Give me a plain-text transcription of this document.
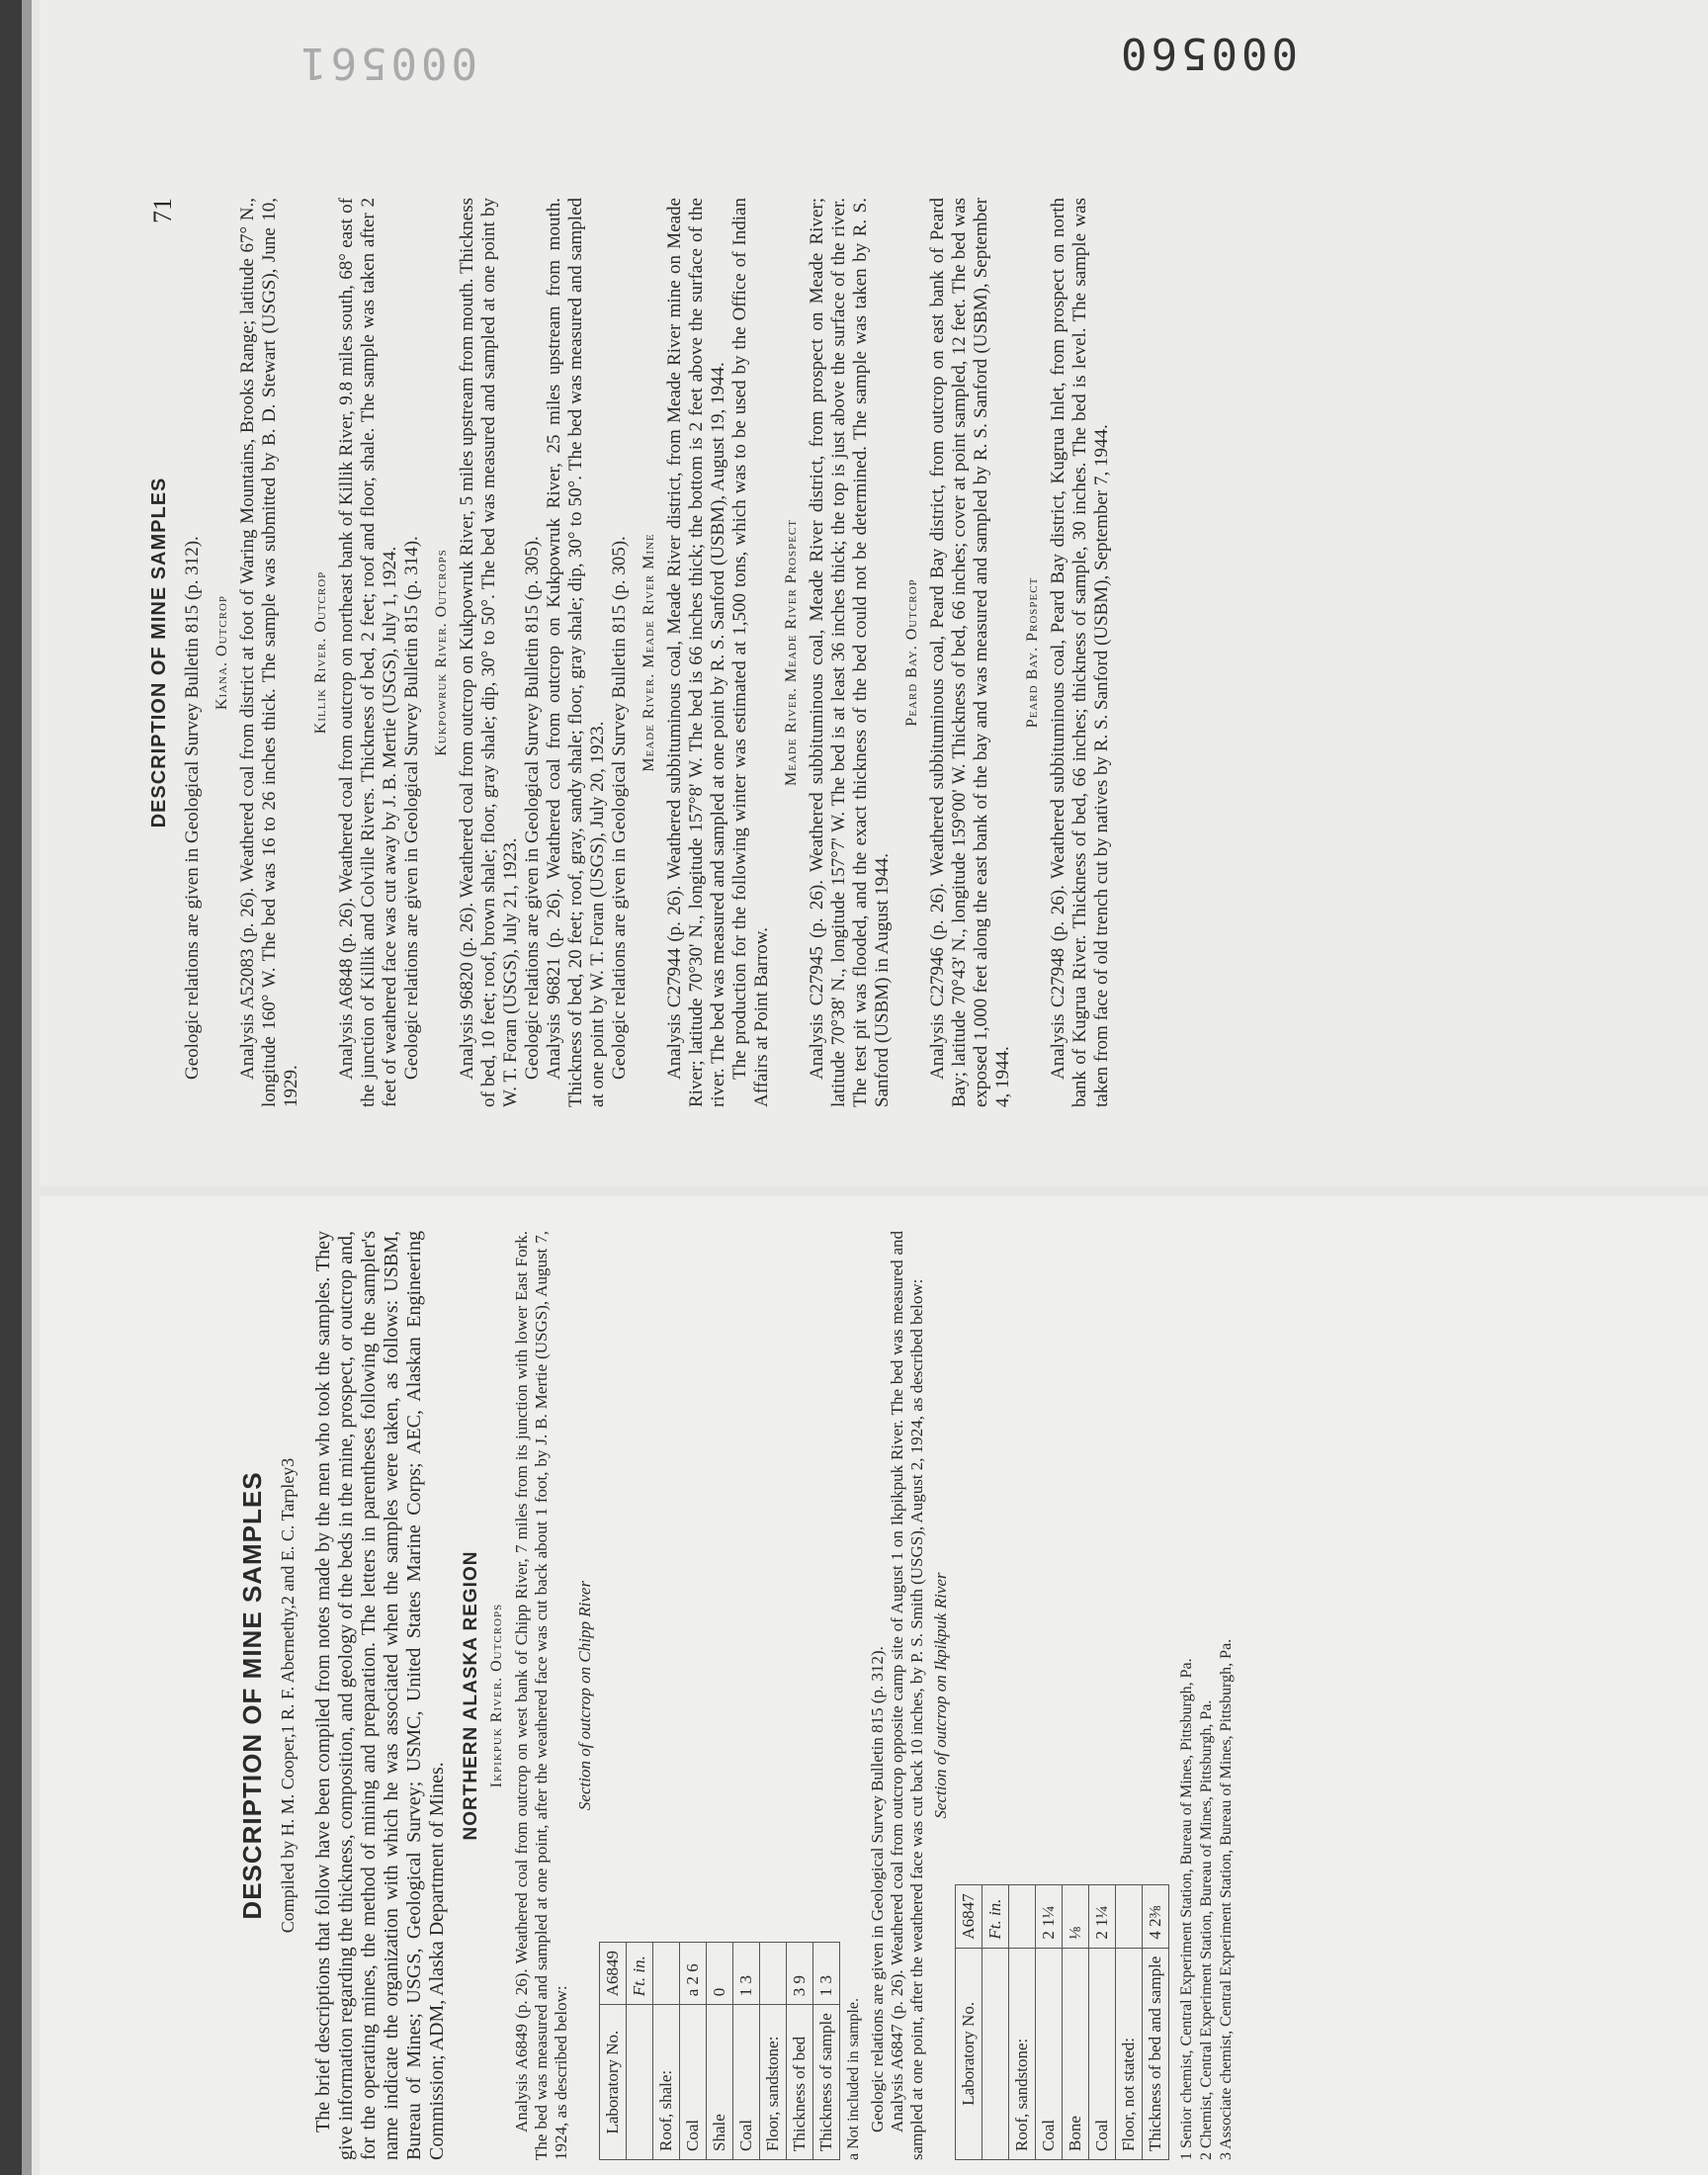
000560
000561
DESCRIPTION OF MINE SAMPLES
71

Geologic relations are given in Geological Survey Bulletin 815 (p. 312). Kiana. Outcrop Analysis A52083 (p. 26). Weathered coal from district at foot of Waring Mountains, Brooks Range; latitude 67° N., longitude 160° W. The bed was 16 to 26 inches thick. The sample was submitted by B. D. Stewart (USGS), June 10, 1929.

Killik River. Outcrop Analysis A6848 (p. 26). Weathered coal from outcrop on northeast bank of Killik River, 9.8 miles south, 68° east of the junction of Killik and Colville Rivers. Thickness of bed, 2 feet; roof and floor, shale. The sample was taken after 2 feet of weathered face was cut away by J. B. Mertie (USGS), July 1, 1924. Geologic relations are given in Geological Survey Bulletin 815 (p. 314). Kukpowruk River. Outcrops Analysis 96820 (p. 26). Weathered coal from outcrop on Kukpowruk River, 5 miles upstream from mouth. Thickness of bed, 10 feet; roof, brown shale; floor, gray shale; dip, 30° to 50°. The bed was measured and sampled at one point by W. T. Foran (USGS), July 21, 1923. Geologic relations are given in Geological Survey Bulletin 815 (p. 305). Analysis 96821 (p. 26). Weathered coal from outcrop on Kukpowruk River, 25 miles upstream from mouth. Thickness of bed, 20 feet; roof, gray, sandy shale; floor, gray shale; dip, 30° to 50°. The bed was measured and sampled at one point by W. T. Foran (USGS), July 20, 1923. Geologic relations are given in Geological Survey Bulletin 815 (p. 305). Meade River. Meade River Mine Analysis C27944 (p. 26). Weathered subbituminous coal, Meade River district, from Meade River mine on Meade River; latitude 70°30' N., longitude 157°8' W. The bed is 66 inches thick; the bottom is 2 feet above the surface of the river. The bed was measured and sampled at one point by R. S. Sanford (USBM), August 19, 1944. The production for the following winter was estimated at 1,500 tons, which was to be used by the Office of Indian Affairs at Point Barrow.

Meade River. Meade River Prospect Analysis C27945 (p. 26). Weathered subbituminous coal, Meade River district, from prospect on Meade River; latitude 70°38' N., longitude 157°7' W. The bed is at least 36 inches thick; the top is just above the surface of the river. The test pit was flooded, and the exact thickness of the bed could not be determined. The sample was taken by R. S. Sanford (USBM) in August 1944.

Peard Bay. Outcrop Analysis C27946 (p. 26). Weathered subbituminous coal, Peard Bay district, from outcrop on east bank of Peard Bay; latitude 70°43' N., longitude 159°00' W. Thickness of bed, 66 inches; cover at point sampled, 12 feet. The bed was exposed 1,000 feet along the east bank of the bay and was measured and sampled by R. S. Sanford (USBM), September 4, 1944.

Peard Bay. Prospect Analysis C27948 (p. 26). Weathered subbituminous coal, Peard Bay district, Kugrua Inlet, from prospect on north bank of Kugrua River. Thickness of bed, 66 inches; thickness of sample, 30 inches. The bed is level. The sample was taken from face of old trench cut by natives by R. S. Sanford (USBM), September 7, 1944.

DESCRIPTION OF MINE SAMPLES Compiled by H. M. Cooper,1 R. F. Abernethy,2 and E. C. Tarpley3 The brief descriptions that follow have been compiled from notes made by the men who took the samples. They give information regarding the thickness, composition, and geology of the beds in the mine, prospect, or outcrop and, for the operating mines, the method of mining and preparation. The letters in parentheses following the sampler's name indicate the organization with which he was associated when the samples were taken, as follows: USBM, Bureau of Mines; USGS, Geological Survey; USMC, United States Marine Corps; AEC, Alaskan Engineering Commission; ADM, Alaska Department of Mines.

NORTHERN ALASKA REGION Ikpikpuk River. Outcrops Analysis A6849 (p. 26). Weathered coal from outcrop on west bank of Chipp River, 7 miles from its junction with lower East Fork. The bed was measured and sampled at one point, after the weathered face was cut back about 1 foot, by J. B. Mertie (USGS), August 7, 1924, as described below:

Section of outcrop on Chipp River
Laboratory No.	A6849
	Ft. in.
Roof, shale:	
Coal	a 2 6
Shale	0
Coal	1 3
Floor, sandstone:	
Thickness of bed	3 9
Thickness of sample	1 3
a Not included in sample. Geologic relations are given in Geological Survey Bulletin 815 (p. 312). Analysis A6847 (p. 26). Weathered coal from outcrop opposite camp site of August 1 on Ikpikpuk River. The bed was measured and sampled at one point, after the weathered face was cut back 10 inches, by P. S. Smith (USGS), August 2, 1924, as described below: Section of outcrop on Ikpikpuk River
Laboratory No.	A6847
	Ft. in.
Roof, sandstone:	
Coal	2 1¼
Bone	⅛
Coal	2 1¼
Floor, not stated:	
Thickness of bed and sample	4 2⅜ 1 Senior chemist, Central Experiment Station, Bureau of Mines, Pittsburgh, Pa. 2 Chemist, Central Experiment Station, Bureau of Mines, Pittsburgh, Pa. 3 Associate chemist, Central Experiment Station, Bureau of Mines, Pittsburgh, Pa.
